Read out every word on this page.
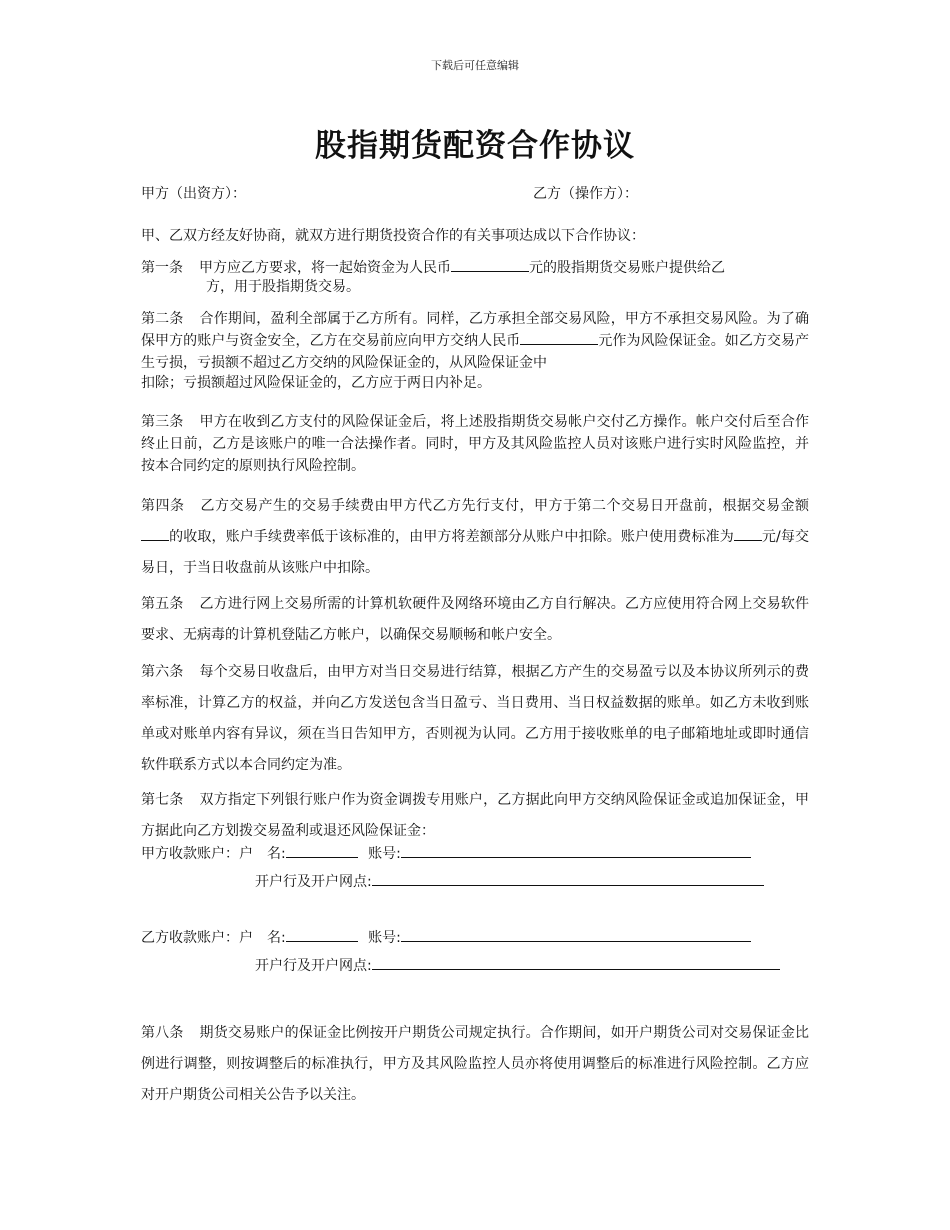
下载后可任意编辑
股指期货配资合作协议
甲方（出资方）：	乙方（操作方）：
甲、乙双方经友好协商，就双方进行期货投资合作的有关事项达成以下合作协议：
第一条 甲方应乙方要求，将一起始资金为人民币	元的股指期货交易账户提供给乙
方，用于股指期货交易。
第二条 合作期间，盈利全部属于乙方所有。同样，乙方承担全部交易风险，甲方不承担交易风险。为了确保甲方的账户与资金安全，乙方在交易前应向甲方交纳人民币	元作为风险保证金。如乙方交易产生亏损，亏损额不超过乙方交纳的风险保证金的，从风险保证金中
扣除；亏损额超过风险保证金的，乙方应于两日内补足。
第三条 甲方在收到乙方支付的风险保证金后，将上述股指期货交易帐户交付乙方操作。帐户交付后至合作终止日前，乙方是该账户的唯一合法操作者。同时，甲方及其风险监控人员对该账户进行实时风险监控，并按本合同约定的原则执行风险控制。
第四条 乙方交易产生的交易手续费由甲方代乙方先行支付，甲方于第二个交易日开盘前，根据交易金额的收取，账户手续费率低于该标准的，由甲方将差额部分从账户中扣除。账户使用费标准为 元/每交易日，于当日收盘前从该账户中扣除。
第五条 乙方进行网上交易所需的计算机软硬件及网络环境由乙方自行解决。乙方应使用符合网上交易软件要求、无病毒的计算机登陆乙方帐户，以确保交易顺畅和帐户安全。
第六条 每个交易日收盘后，由甲方对当日交易进行结算，根据乙方产生的交易盈亏以及本协议所列示的费率标准，计算乙方的权益，并向乙方发送包含当日盈亏、当日费用、当日权益数据的账单。如乙方未收到账单或对账单内容有异议，须在当日告知甲方，否则视为认同。乙方用于接收账单的电子邮箱地址或即时通信软件联系方式以本合同约定为准。
第七条 双方指定下列银行账户作为资金调拨专用账户，乙方据此向甲方交纳风险保证金或追加保证金，甲方据此向乙方划拨交易盈利或退还风险保证金：
甲方收款账户：户　名:	账号:
开户行及开户网点:
乙方收款账户：户　名:	账号:
开户行及开户网点:
第八条 期货交易账户的保证金比例按开户期货公司规定执行。合作期间，如开户期货公司对交易保证金比例进行调整，则按调整后的标准执行，甲方及其风险监控人员亦将使用调整后的标准进行风险控制。乙方应对开户期货公司相关公告予以关注。
